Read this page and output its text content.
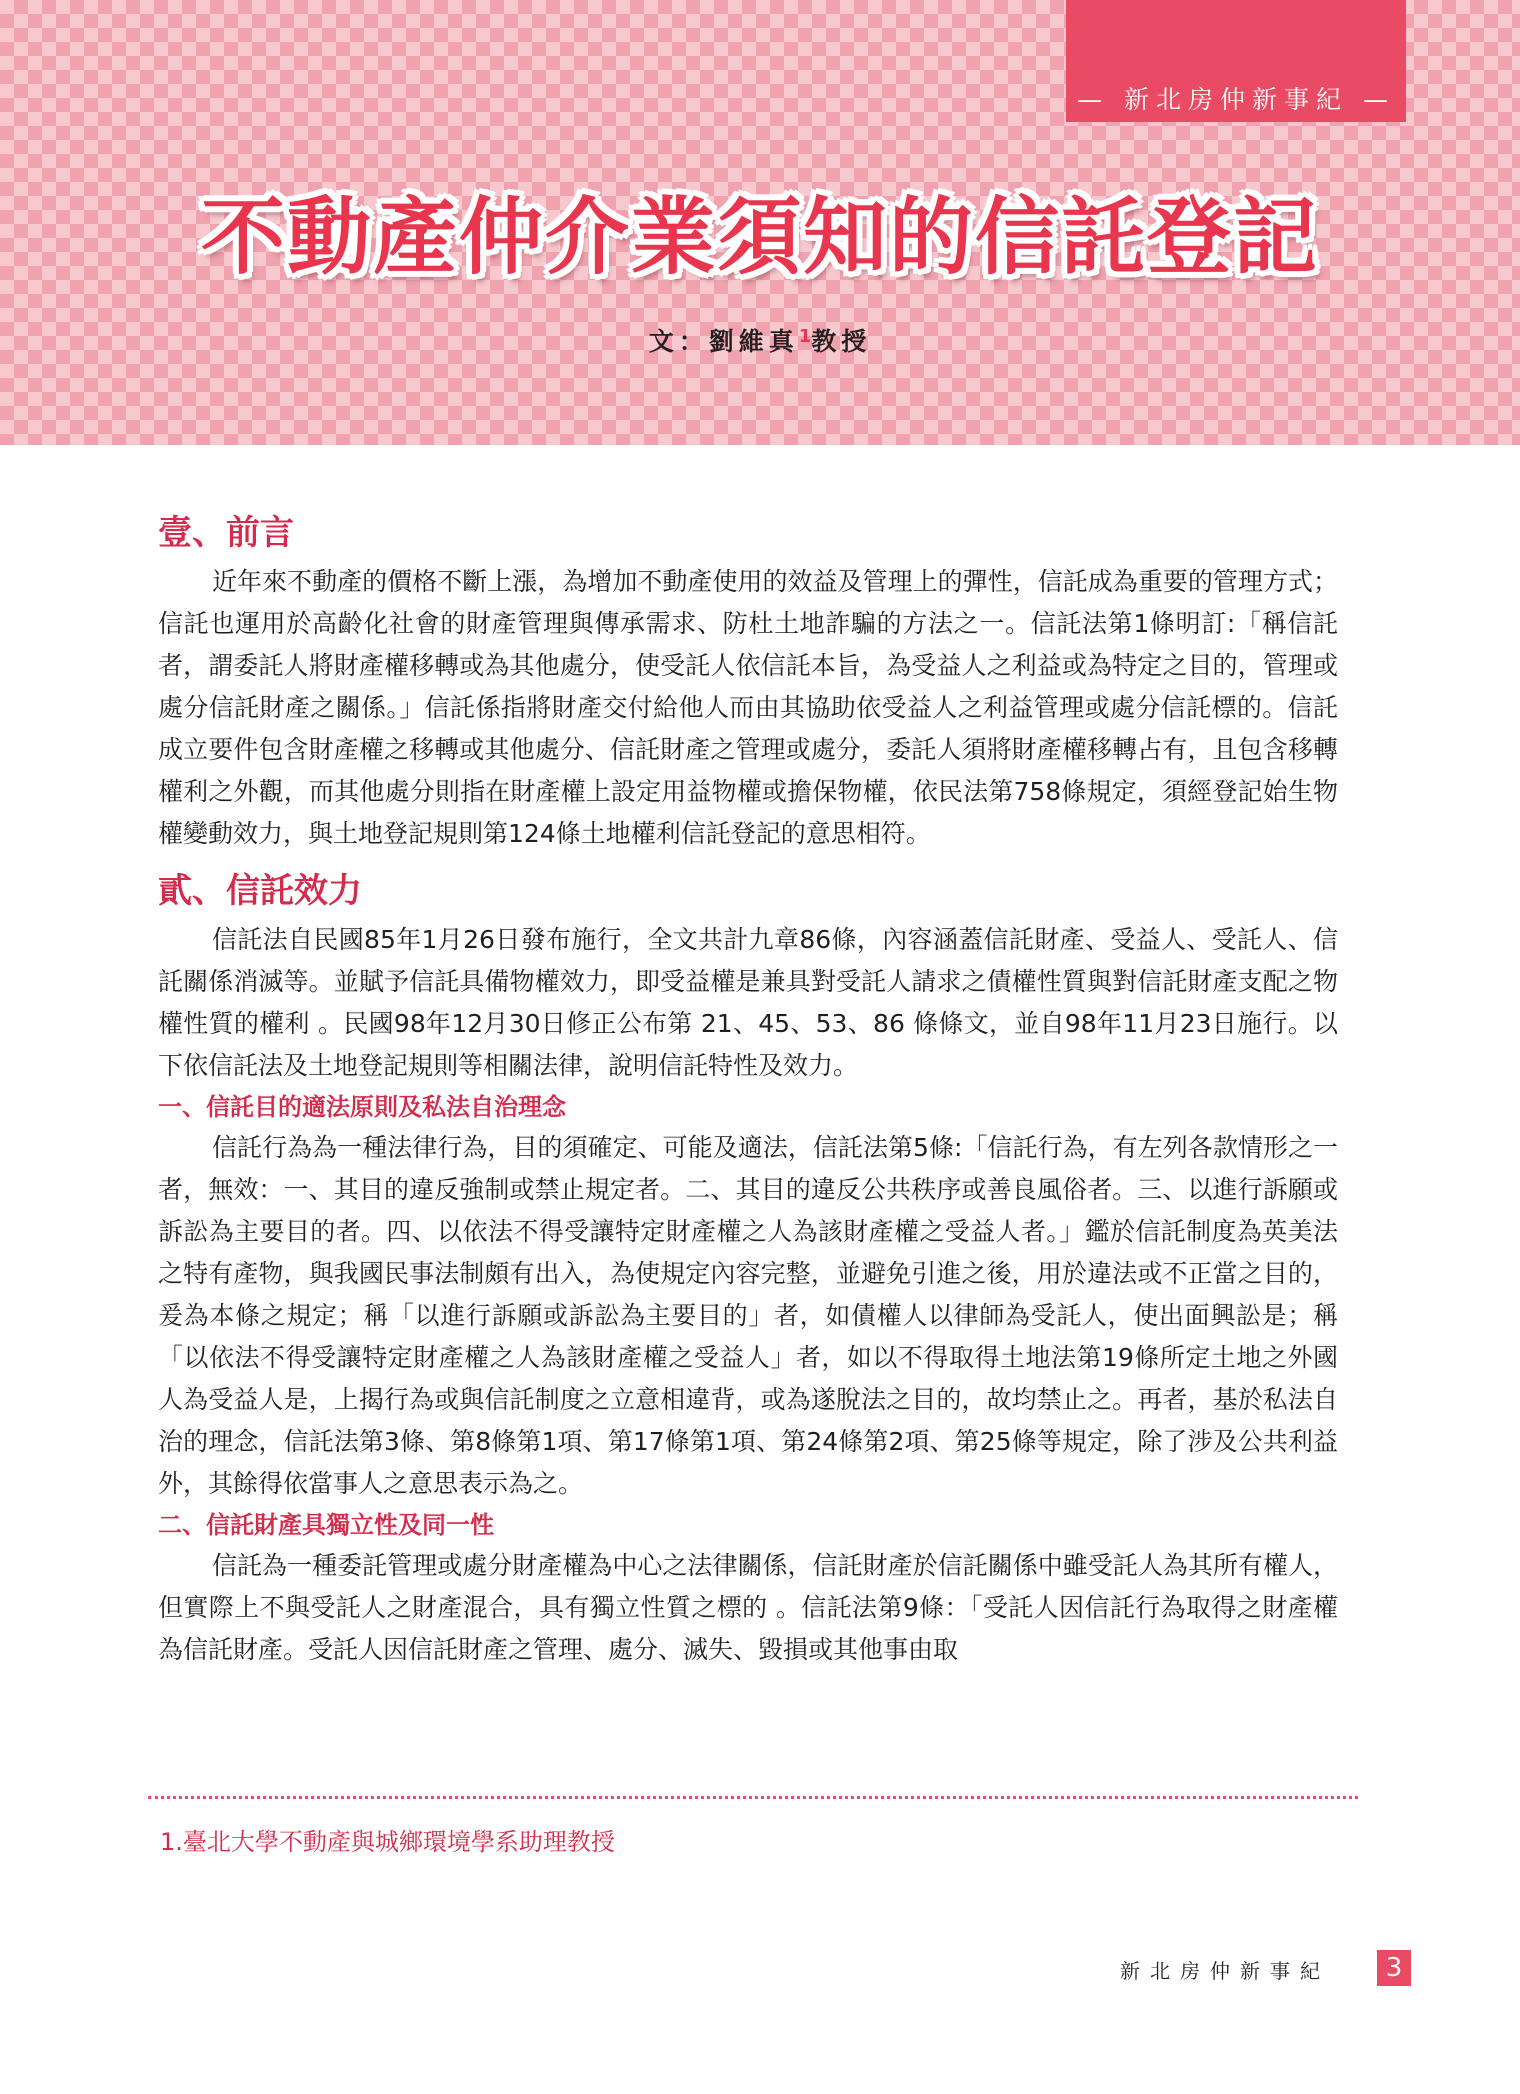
— 新北房仲新事紀 —
不動產仲介業須知的信託登記
文：劉維真$^1$教授
壹、前言

近年來不動產的價格不斷上漲，為增加不動產使用的效益及管理上的彈性，信託成為重要的管理方式；信託也運用於高齡化社會的財產管理與傳承需求、防杜土地詐騙的方法之一。信託法第1條明訂:「稱信託者，謂委託人將財產權移轉或為其他處分，使受託人依信託本旨，為受益人之利益或為特定之目的，管理或處分信託財產之關係。」信託係指將財產交付給他人而由其協助依受益人之利益管理或處分信託標的。信託成立要件包含財產權之移轉或其他處分、信託財產之管理或處分，委託人須將財產權移轉占有，且包含移轉權利之外觀，而其他處分則指在財產權上設定用益物權或擔保物權，依民法第758條規定，須經登記始生物權變動效力，與土地登記規則第124條土地權利信託登記的意思相符。

貳、信託效力

信託法自民國85年1月26日發布施行，全文共計九章86條，內容涵蓋信託財產、受益人、受託人、信託關係消滅等。並賦予信託具備物權效力，即受益權是兼具對受託人請求之債權性質與對信託財產支配之物權性質的權利 。民國98年12月30日修正公布第 21、45、53、86 條條文，並自98年11月23日施行。以下依信託法及土地登記規則等相關法律，說明信託特性及效力。

一、信託目的適法原則及私法自治理念

信託行為為一種法律行為，目的須確定、可能及適法，信託法第5條:「信託行為，有左列各款情形之一者，無效：一、其目的違反強制或禁止規定者。二、其目的違反公共秩序或善良風俗者。三、以進行訴願或訴訟為主要目的者。四、以依法不得受讓特定財產權之人為該財產權之受益人者。」鑑於信託制度為英美法之特有產物，與我國民事法制頗有出入，為使規定內容完整，並避免引進之後，用於違法或不正當之目的，爰為本條之規定；稱「以進行訴願或訴訟為主要目的」者，如債權人以律師為受託人，使出面興訟是；稱「以依法不得受讓特定財產權之人為該財產權之受益人」者，如以不得取得土地法第19條所定土地之外國人為受益人是，上揭行為或與信託制度之立意相違背，或為遂脫法之目的，故均禁止之。再者，基於私法自治的理念，信託法第3條、第8條第1項、第17條第1項、第24條第2項、第25條等規定，除了涉及公共利益外，其餘得依當事人之意思表示為之。

二、信託財產具獨立性及同一性

信託為一種委託管理或處分財產權為中心之法律關係，信託財產於信託關係中雖受託人為其所有權人，但實際上不與受託人之財產混合，具有獨立性質之標的 。信託法第9條：「受託人因信託行為取得之財產權為信託財產。受託人因信託財產之管理、處分、滅失、毀損或其他事由取

1.臺北大學不動產與城鄉環境學系助理教授
新北房仲新事紀	3
